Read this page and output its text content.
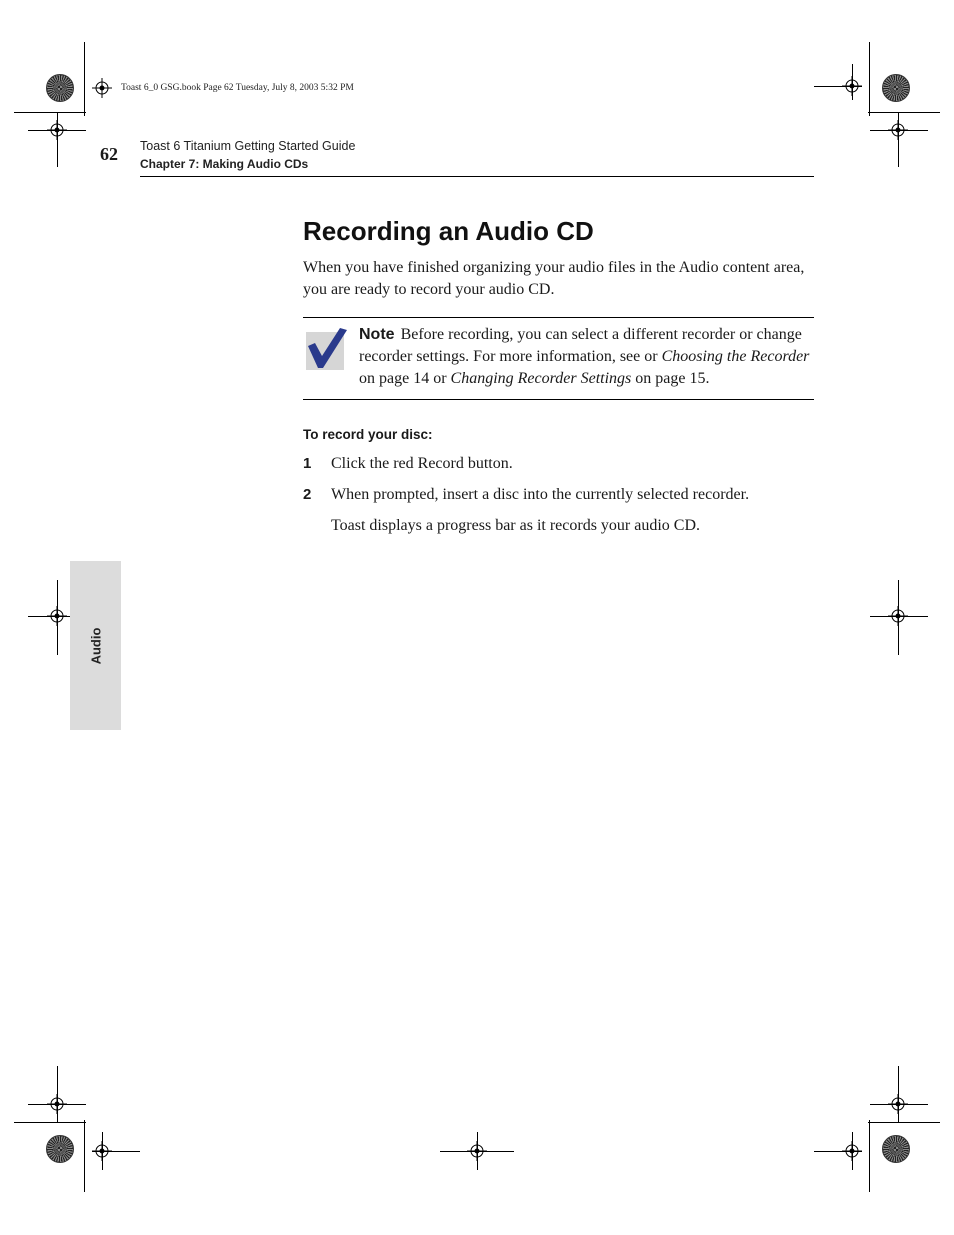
Toast 6_0 GSG.book Page 62 Tuesday, July 8, 2003 5:32 PM
62 Toast 6 Titanium Getting Started Guide
Chapter 7: Making Audio CDs
Audio
Recording an Audio CD

When you have finished organizing your audio files in the Audio content area, you are ready to record your audio CD.

Note Before recording, you can select a different recorder or change recorder settings. For more information, see or Choosing the Recorder on page 14 or Changing Recorder Settings on page 15.

To record your disc:
1 Click the red Record button.
2 When prompted, insert a disc into the currently selected recorder.
Toast displays a progress bar as it records your audio CD.
